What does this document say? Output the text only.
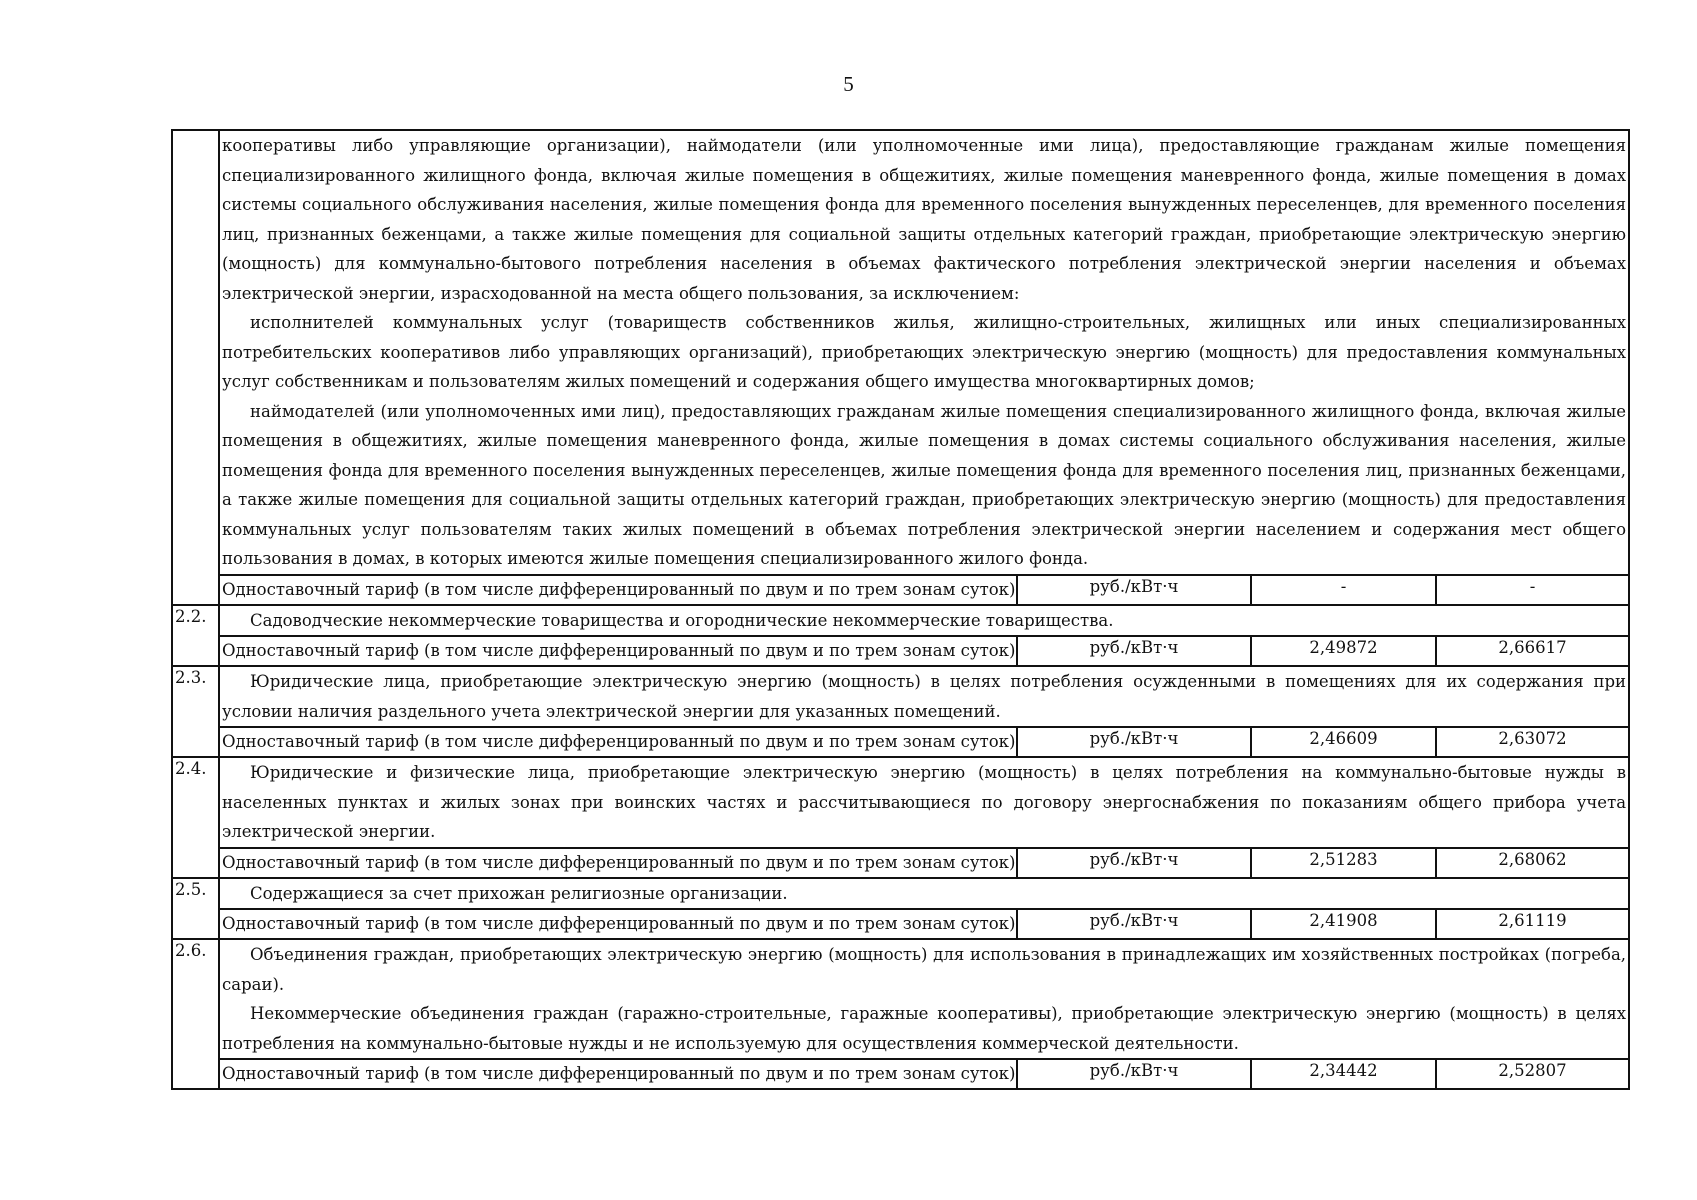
5

	кооперативы либо управляющие организации), наймодатели (или уполномоченные ими лица), предоставляющие гражданам жилые помещения специализированного жилищного фонда, включая жилые помещения в общежитиях, жилые помещения маневренного фонда, жилые помещения в домах системы социального обслуживания населения, жилые помещения фонда для временного поселения вынужденных переселенцев, для временного поселения лиц, признанных беженцами, а также жилые помещения для социальной защиты отдельных категорий граждан, приобретающие электрическую энергию (мощность) для коммунально-бытового потребления населения в объемах фактического потребления электрической энергии населения и объемах электрической энергии, израсходованной на места общего пользования, за исключением:

исполнителей коммунальных услуг (товариществ собственников жилья, жилищно-строительных, жилищных или иных специализированных потребительских кооперативов либо управляющих организаций), приобретающих электрическую энергию (мощность) для предоставления коммунальных услуг собственникам и пользователям жилых помещений и содержания общего имущества многоквартирных домов;

наймодателей (или уполномоченных ими лиц), предоставляющих гражданам жилые помещения специализированного жилищного фонда, включая жилые помещения в общежитиях, жилые помещения маневренного фонда, жилые помещения в домах системы социального обслуживания населения, жилые помещения фонда для временного поселения вынужденных переселенцев, жилые помещения фонда для временного поселения лиц, признанных беженцами, а также жилые помещения для социальной защиты отдельных категорий граждан, приобретающих электрическую энергию (мощность) для предоставления коммунальных услуг пользователям таких жилых помещений в объемах потребления электрической энергии населением и содержания мест общего пользования в домах, в которых имеются жилые помещения специализированного жилого фонда.			

	Одноставочный тариф (в том числе дифференцированный по двум и по трем зонам суток)	руб./кВт·ч	-	-
2.2.	Садоводческие некоммерческие товарищества и огороднические некоммерческие товарищества.			

	Одноставочный тариф (в том числе дифференцированный по двум и по трем зонам суток)	руб./кВт·ч	2,49872	2,66617
2.3.	Юридические лица, приобретающие электрическую энергию (мощность) в целях потребления осужденными в помещениях для их содержания при условии наличия раздельного учета электрической энергии для указанных помещений.			

	Одноставочный тариф (в том числе дифференцированный по двум и по трем зонам суток)	руб./кВт·ч	2,46609	2,63072
2.4.	Юридические и физические лица, приобретающие электрическую энергию (мощность) в целях потребления на коммунально-бытовые нужды в населенных пунктах и жилых зонах при воинских частях и рассчитывающиеся по договору энергоснабжения по показаниям общего прибора учета электрической энергии.			

	Одноставочный тариф (в том числе дифференцированный по двум и по трем зонам суток)	руб./кВт·ч	2,51283	2,68062
2.5.	Содержащиеся за счет прихожан религиозные организации.			

	Одноставочный тариф (в том числе дифференцированный по двум и по трем зонам суток)	руб./кВт·ч	2,41908	2,61119
2.6.	Объединения граждан, приобретающих электрическую энергию (мощность) для использования в принадлежащих им хозяйственных постройках (погреба, сараи).

Некоммерческие объединения граждан (гаражно-строительные, гаражные кооперативы), приобретающие электрическую энергию (мощность) в целях потребления на коммунально-бытовые нужды и не используемую для осуществления коммерческой деятельности.			

	Одноставочный тариф (в том числе дифференцированный по двум и по трем зонам суток)	руб./кВт·ч	2,34442	2,52807
